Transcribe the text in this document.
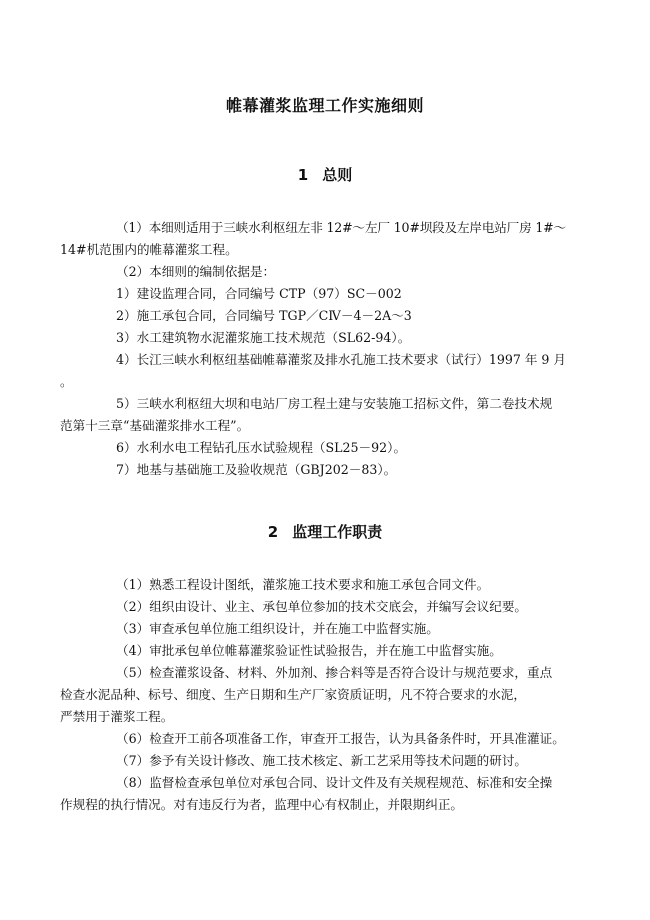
帷幕灌浆监理工作实施细则
1 总则
（1）本细则适用于三峡水利枢纽左非 12#～左厂 10#坝段及左岸电站厂房 1#～
14#机范围内的帷幕灌浆工程。
（2）本细则的编制依据是：
1）建设监理合同，合同编号 CTP（97）SC－002
2）施工承包合同，合同编号 TGP／CⅣ－4－2A～3
3）水工建筑物水泥灌浆施工技术规范（SL62-94）。
4）长江三峡水利枢纽基础帷幕灌浆及排水孔施工技术要求（试行）1997 年 9 月
。
5）三峡水利枢纽大坝和电站厂房工程土建与安装施工招标文件，第二卷技术规
范第十三章“基础灌浆排水工程”。
6）水利水电工程钻孔压水试验规程（SL25－92）。
7）地基与基础施工及验收规范（GBJ202－83）。
2 监理工作职责
（1）熟悉工程设计图纸，灌浆施工技术要求和施工承包合同文件。
（2）组织由设计、业主、承包单位参加的技术交底会，并编写会议纪要。
（3）审查承包单位施工组织设计，并在施工中监督实施。
（4）审批承包单位帷幕灌浆验证性试验报告，并在施工中监督实施。
（5）检查灌浆设备、材料、外加剂、掺合料等是否符合设计与规范要求，重点
检查水泥品种、标号、细度、生产日期和生产厂家资质证明，凡不符合要求的水泥，
严禁用于灌浆工程。
（6）检查开工前各项准备工作，审查开工报告，认为具备条件时，开具准灌证。
（7）参予有关设计修改、施工技术核定、新工艺采用等技术问题的研讨。
（8）监督检查承包单位对承包合同、设计文件及有关规程规范、标准和安全操
作规程的执行情况。对有违反行为者，监理中心有权制止，并限期纠正。
